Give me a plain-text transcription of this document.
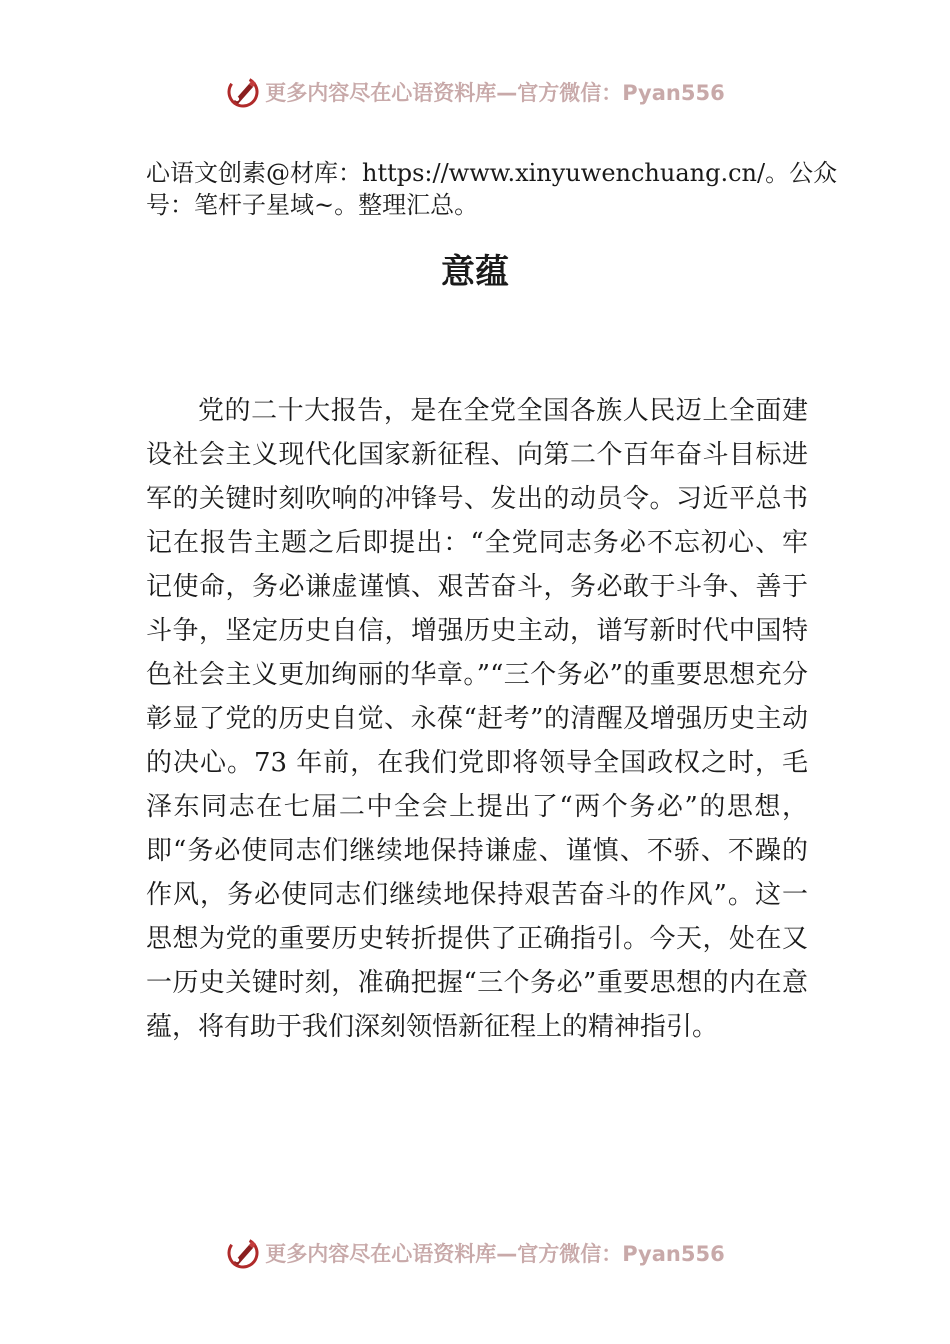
更多内容尽在心语资料库—官方微信：Pyan556
心语文创素@材库：https://www.xinyuwenchuang.cn/。公众号：笔杆子星域~。整理汇总。
意蕴
党的二十大报告，是在全党全国各族人民迈上全面建设社会主义现代化国家新征程、向第二个百年奋斗目标进军的关键时刻吹响的冲锋号、发出的动员令。习近平总书记在报告主题之后即提出：“全党同志务必不忘初心、牢记使命，务必谦虚谨慎、艰苦奋斗，务必敢于斗争、善于斗争，坚定历史自信，增强历史主动，谱写新时代中国特色社会主义更加绚丽的华章。”“三个务必”的重要思想充分彰显了党的历史自觉、永葆“赶考”的清醒及增强历史主动的决心。73 年前，在我们党即将领导全国政权之时，毛泽东同志在七届二中全会上提出了“两个务必”的思想，即“务必使同志们继续地保持谦虚、谨慎、不骄、不躁的作风，务必使同志们继续地保持艰苦奋斗的作风”。这一思想为党的重要历史转折提供了正确指引。今天，处在又一历史关键时刻，准确把握“三个务必”重要思想的内在意蕴，将有助于我们深刻领悟新征程上的精神指引。
更多内容尽在心语资料库—官方微信：Pyan556
